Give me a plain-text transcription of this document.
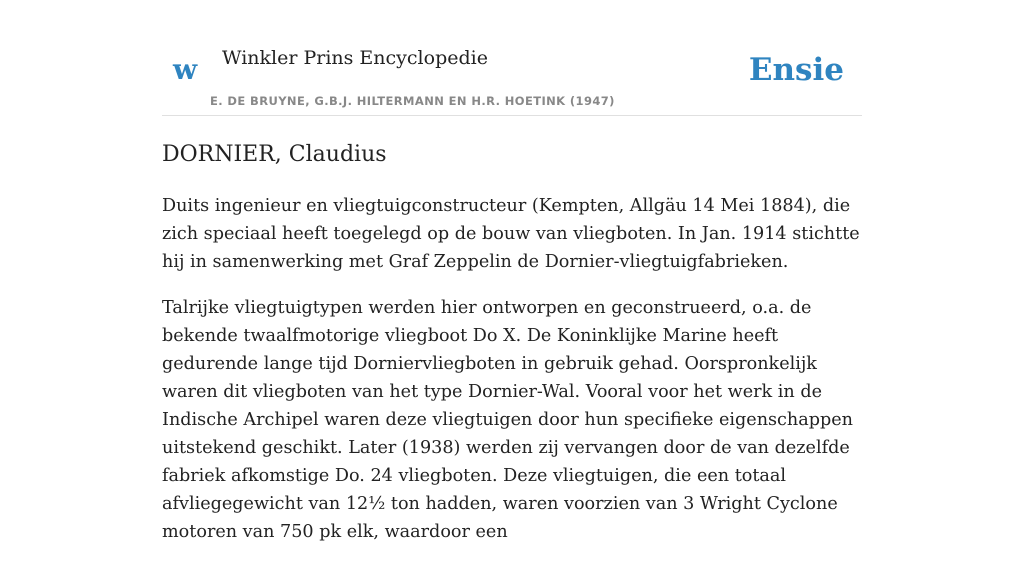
w Winkler Prins Encyclopedie
E. DE BRUYNE, G.B.J. HILTERMANN EN H.R. HOETINK (1947)
Ensie
DORNIER, Claudius

Duits ingenieur en vliegtuigconstructeur (Kempten, Allgäu 14 Mei 1884), die zich speciaal heeft toegelegd op de bouw van vliegboten. In Jan. 1914 stichtte hij in samenwerking met Graf Zeppelin de Dornier-vliegtuigfabrieken.

Talrijke vliegtuigtypen werden hier ontworpen en geconstrueerd, o.a. de bekende twaalfmotorige vliegboot Do X. De Koninklijke Marine heeft gedurende lange tijd Dorniervliegboten in gebruik gehad. Oorspronkelijk waren dit vliegboten van het type Dornier-Wal. Vooral voor het werk in de Indische Archipel waren deze vliegtuigen door hun specifieke eigenschappen uitstekend geschikt. Later (1938) werden zij vervangen door de van dezelfde fabriek afkomstige Do. 24 vliegboten. Deze vliegtuigen, die een totaal afvliegegewicht van 12½ ton hadden, waren voorzien van 3 Wright Cyclone motoren van 750 pk elk, waardoor een
